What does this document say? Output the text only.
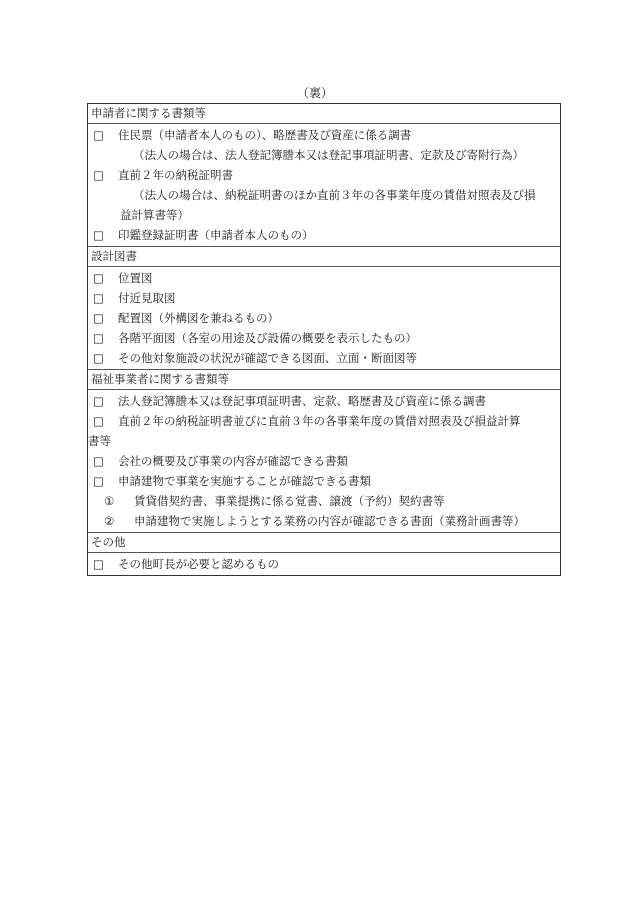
（裏）
申請者に関する書類等
□	住民票（申請者本人のもの）、略歴書及び資産に係る調書
（法人の場合は、法人登記簿謄本又は登記事項証明書、定款及び寄附行為）
□	直前２年の納税証明書
（法人の場合は、納税証明書のほか直前３年の各事業年度の賃借対照表及び損
益計算書等）
□	印鑑登録証明書（申請者本人のもの）
設計図書
□	位置図
□	付近見取図
□	配置図（外構図を兼ねるもの）
□	各階平面図（各室の用途及び設備の概要を表示したもの）
□	その他対象施設の状況が確認できる図面、立面・断面図等
福祉事業者に関する書類等
□	法人登記簿謄本又は登記事項証明書、定款、略歴書及び資産に係る調書
□	直前２年の納税証明書並びに直前３年の各事業年度の賃借対照表及び損益計算
書等
□	会社の概要及び事業の内容が確認できる書類
□	申請建物で事業を実施することが確認できる書類
①	賃貸借契約書、事業提携に係る覚書、譲渡（予約）契約書等
②	申請建物で実施しようとする業務の内容が確認できる書面（業務計画書等）
その他
□	その他町長が必要と認めるもの
